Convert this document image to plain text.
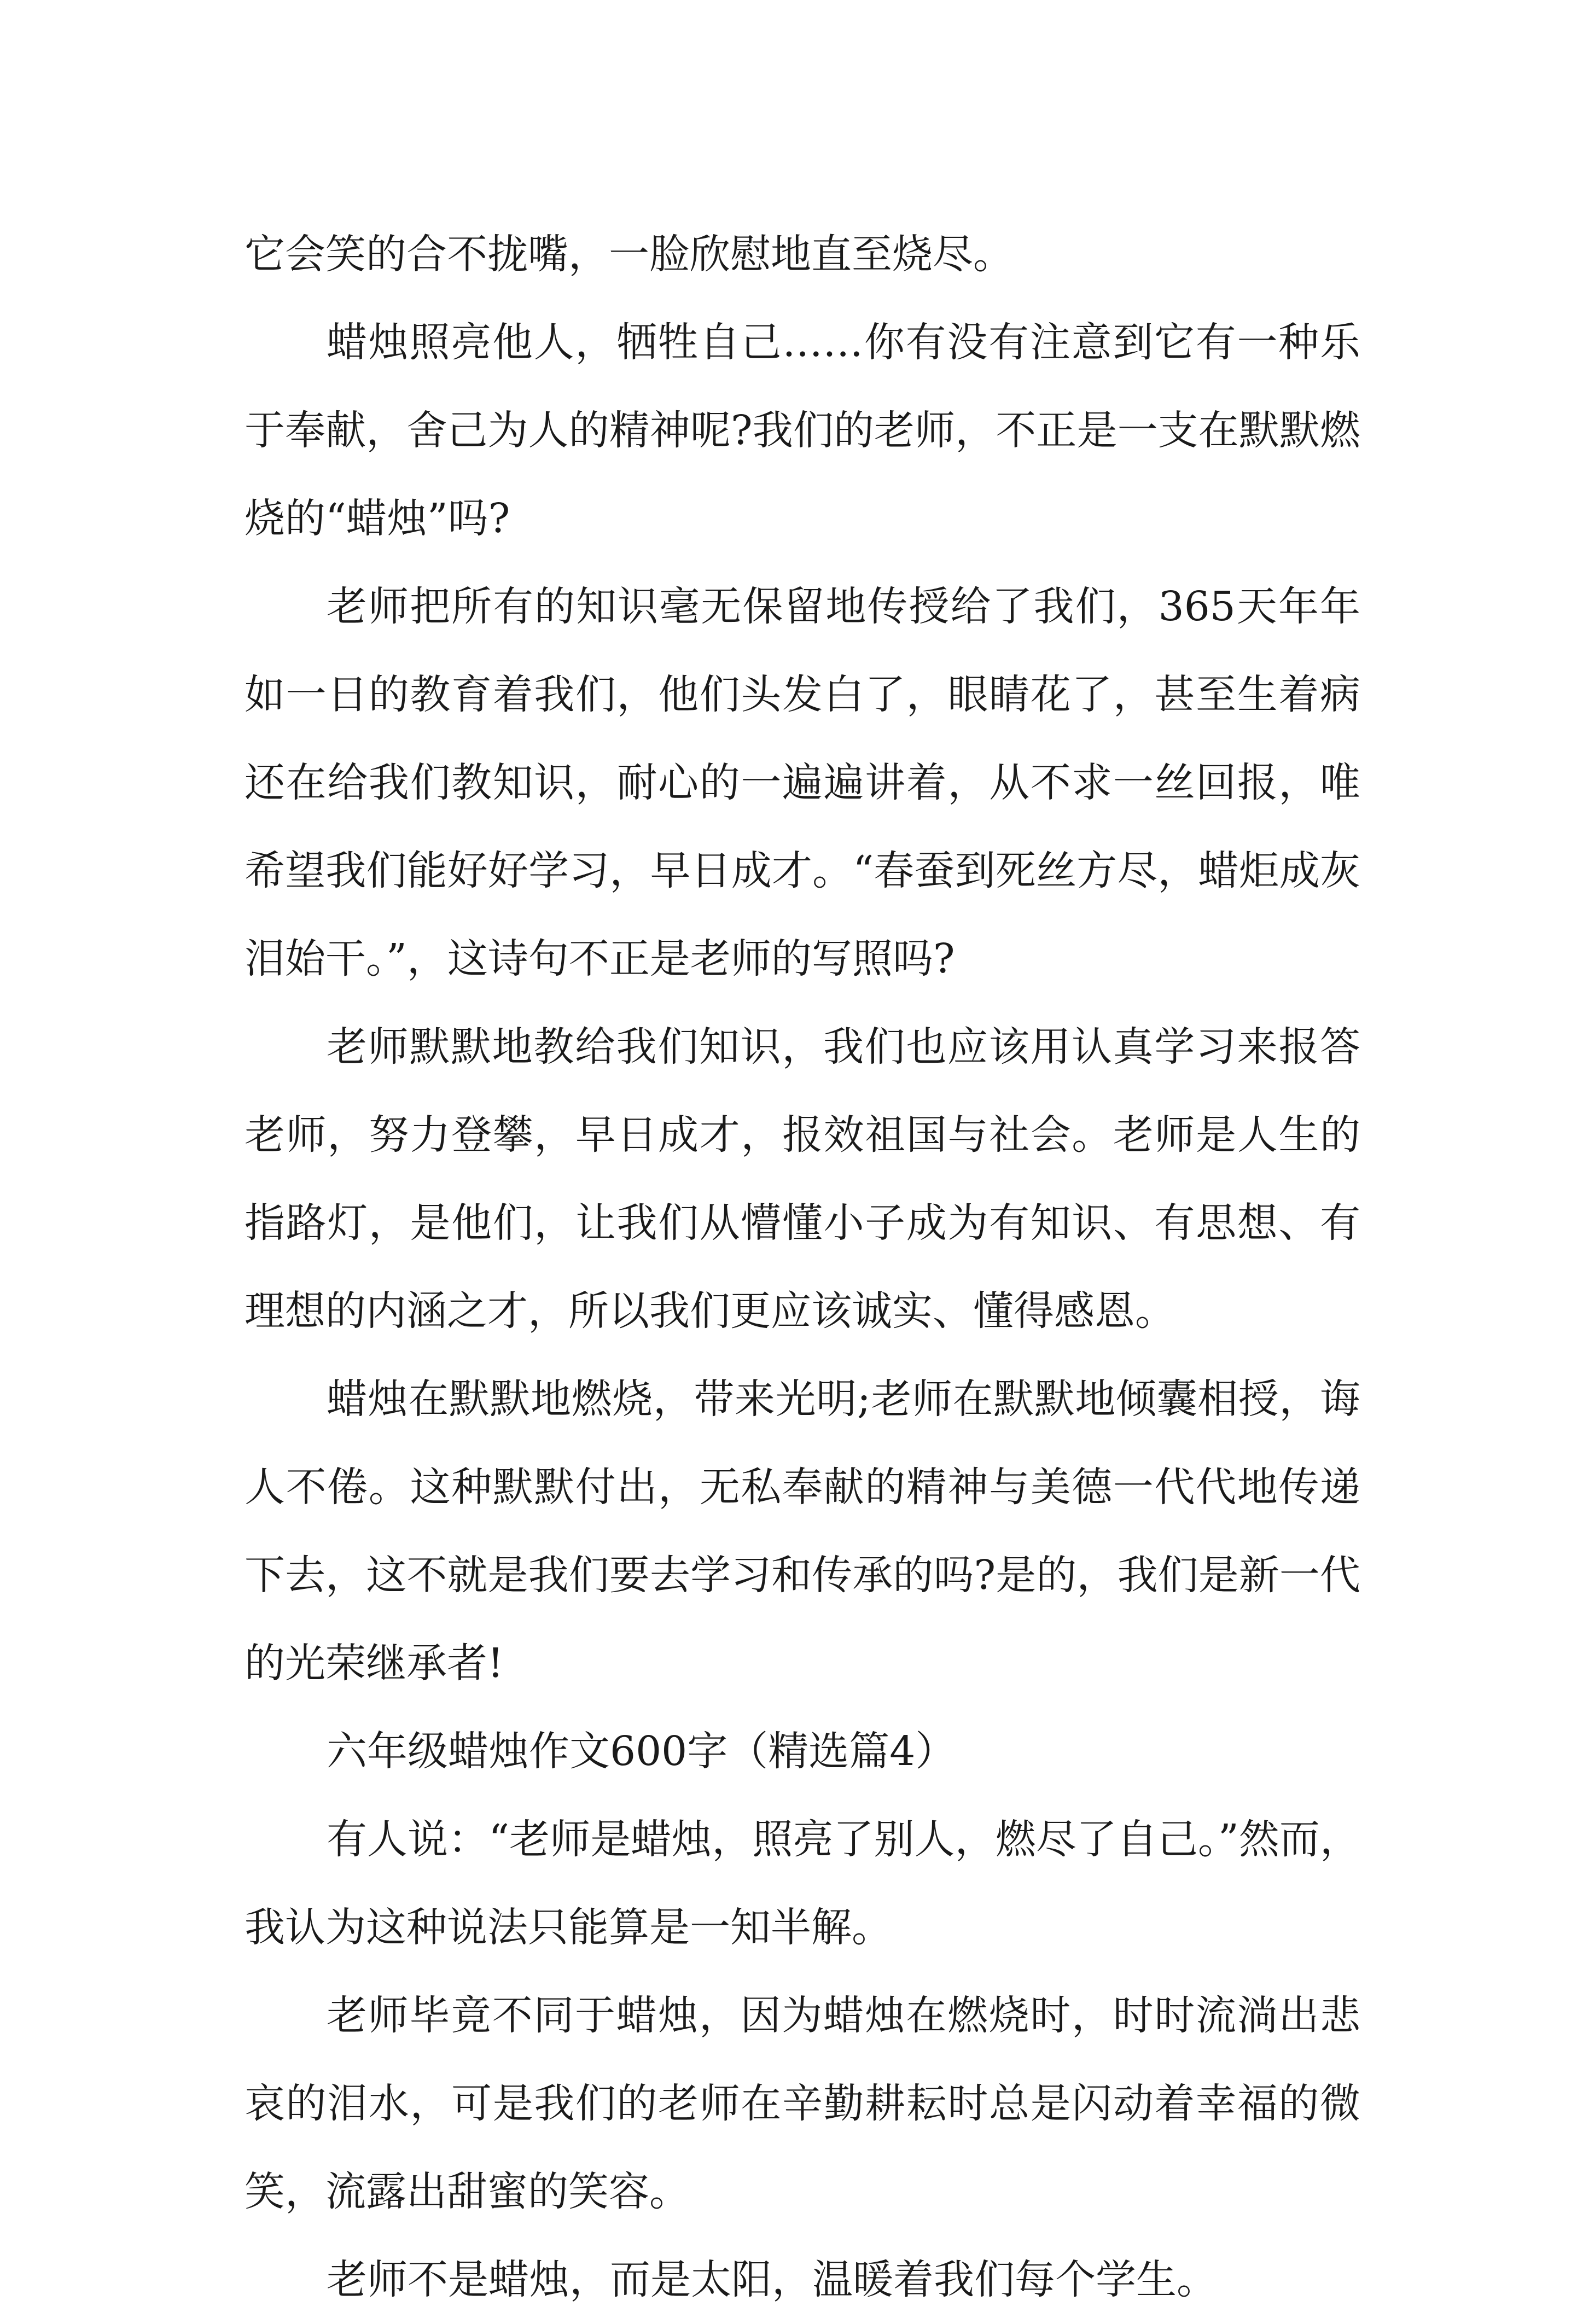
它会笑的合不拢嘴，一脸欣慰地直至烧尽。

蜡烛照亮他人，牺牲自己……你有没有注意到它有一种乐于奉献，舍己为人的精神呢?我们的老师，不正是一支在默默燃烧的“蜡烛”吗?

老师把所有的知识毫无保留地传授给了我们，365天年年如一日的教育着我们，他们头发白了，眼睛花了，甚至生着病还在给我们教知识，耐心的一遍遍讲着，从不求一丝回报，唯希望我们能好好学习，早日成才。“春蚕到死丝方尽，蜡炬成灰泪始干。”，这诗句不正是老师的写照吗?

老师默默地教给我们知识，我们也应该用认真学习来报答老师，努力登攀，早日成才，报效祖国与社会。老师是人生的指路灯，是他们，让我们从懵懂小子成为有知识、有思想、有理想的内涵之才，所以我们更应该诚实、懂得感恩。

蜡烛在默默地燃烧，带来光明;老师在默默地倾囊相授，诲人不倦。这种默默付出，无私奉献的精神与美德一代代地传递下去，这不就是我们要去学习和传承的吗?是的，我们是新一代的光荣继承者!

六年级蜡烛作文600字（精选篇4）

有人说：“老师是蜡烛，照亮了别人，燃尽了自己。”然而，我认为这种说法只能算是一知半解。

老师毕竟不同于蜡烛，因为蜡烛在燃烧时，时时流淌出悲哀的泪水，可是我们的老师在辛勤耕耘时总是闪动着幸福的微笑，流露出甜蜜的笑容。

老师不是蜡烛，而是太阳，温暖着我们每个学生。
